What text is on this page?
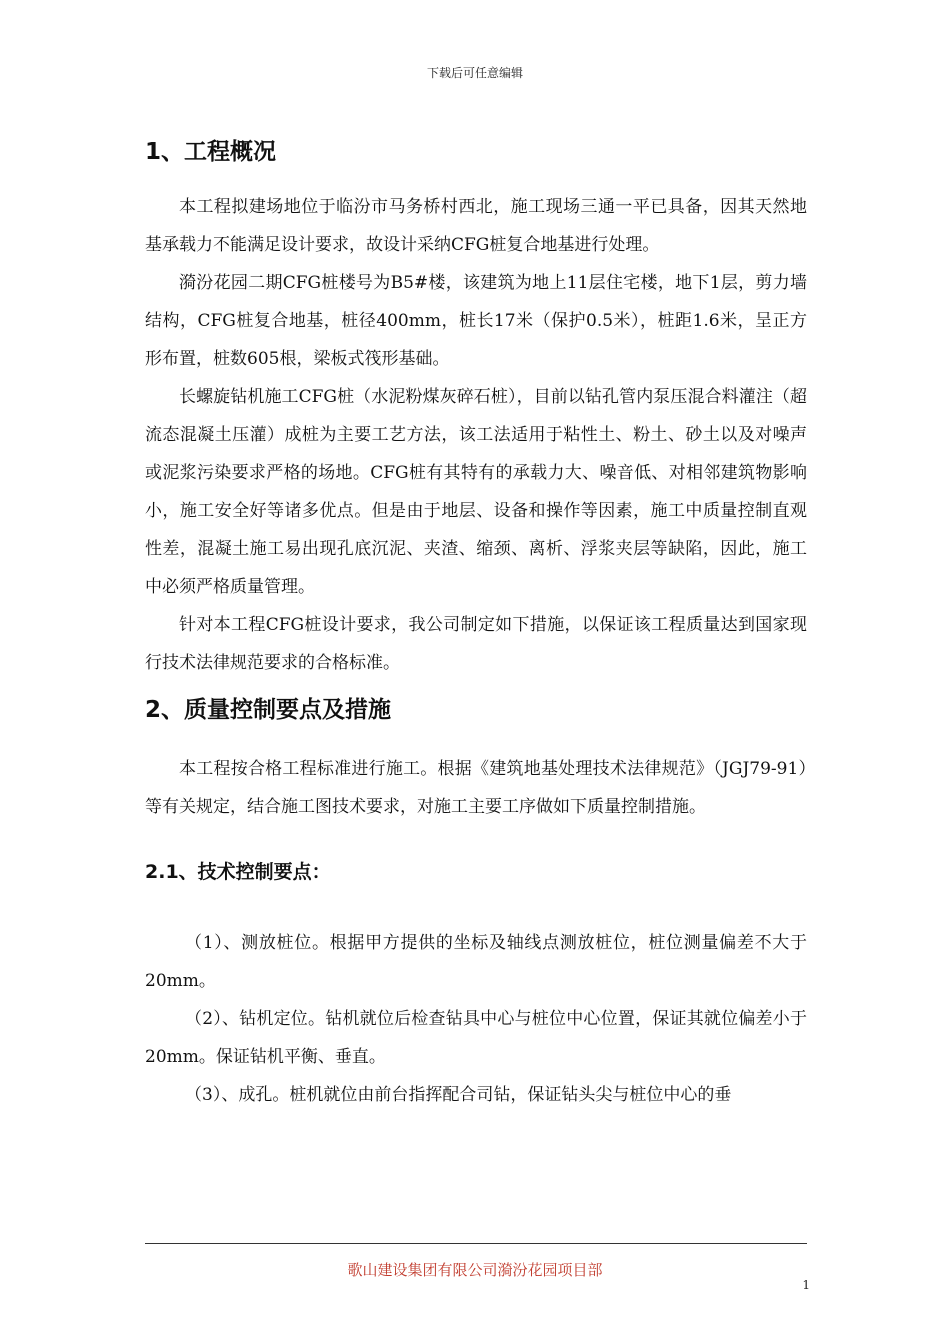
下载后可任意编辑
1、工程概况

本工程拟建场地位于临汾市马务桥村西北，施工现场三通一平已具备，因其天然地基承载力不能满足设计要求，故设计采纳CFG桩复合地基进行处理。

漪汾花园二期CFG桩楼号为B5#楼，该建筑为地上11层住宅楼，地下1层，剪力墙结构，CFG桩复合地基，桩径400mm，桩长17米（保护0.5米），桩距1.6米，呈正方形布置，桩数605根，梁板式筏形基础。

长螺旋钻机施工CFG桩（水泥粉煤灰碎石桩），目前以钻孔管内泵压混合料灌注（超流态混凝土压灌）成桩为主要工艺方法，该工法适用于粘性土、粉土、砂土以及对噪声或泥浆污染要求严格的场地。CFG桩有其特有的承载力大、噪音低、对相邻建筑物影响小，施工安全好等诸多优点。但是由于地层、设备和操作等因素，施工中质量控制直观性差，混凝土施工易出现孔底沉泥、夹渣、缩颈、离析、浮浆夹层等缺陷，因此，施工中必须严格质量管理。

针对本工程CFG桩设计要求，我公司制定如下措施，以保证该工程质量达到国家现行技术法律规范要求的合格标准。

2、质量控制要点及措施

本工程按合格工程标准进行施工。根据《建筑地基处理技术法律规范》（JGJ79-91）等有关规定，结合施工图技术要求，对施工主要工序做如下质量控制措施。

2.1、技术控制要点：

（1）、测放桩位。根据甲方提供的坐标及轴线点测放桩位，桩位测量偏差不大于20mm。

（2）、钻机定位。钻机就位后检查钻具中心与桩位中心位置，保证其就位偏差小于20mm。保证钻机平衡、垂直。

（3）、成孔。桩机就位由前台指挥配合司钻，保证钻头尖与桩位中心的垂

歌山建设集团有限公司漪汾花园项目部
1
